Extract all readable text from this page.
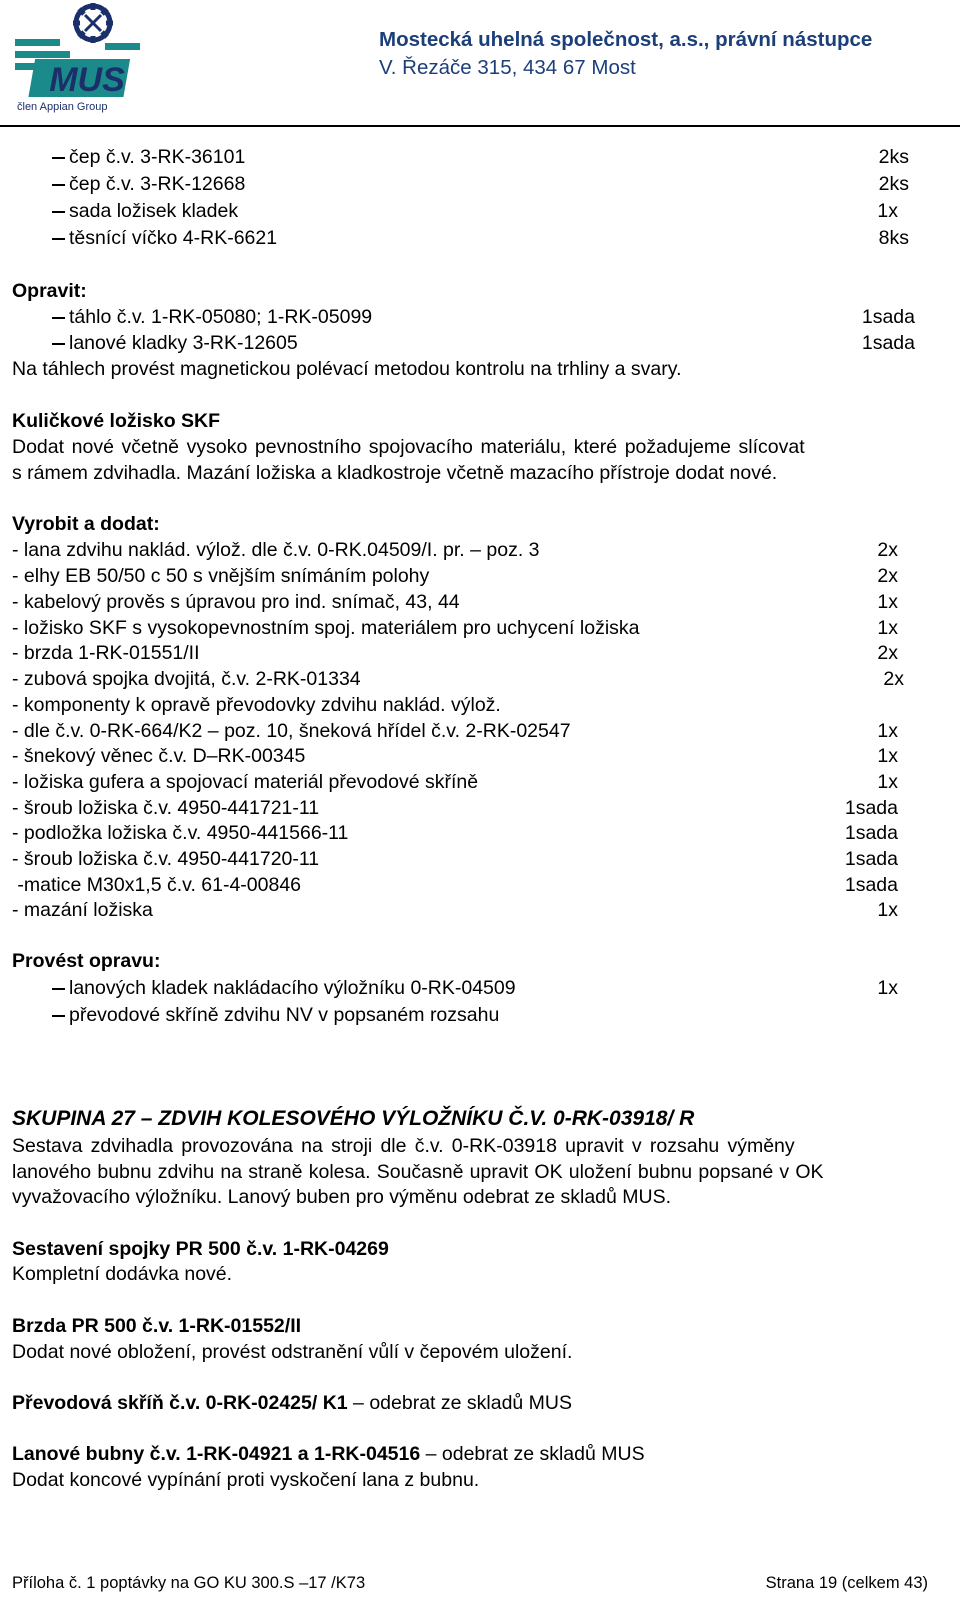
MUS
člen Appian Group
Mostecká uhelná společnost, a.s., právní nástupce
V. Řezáče 315, 434 67 Most
čep č.v. 3-RK-36101	2ks
čep č.v. 3-RK-12668	2ks
sada ložisek kladek	1x
těsnící víčko 4-RK-6621	8ks
Opravit:
táhlo č.v. 1-RK-05080; 1-RK-05099	1sada
lanové kladky 3-RK-12605	1sada
Na táhlech provést magnetickou polévací metodou kontrolu na trhliny a svary.
Kuličkové ložisko SKF
Dodat nové včetně vysoko pevnostního spojovacího materiálu, které požadujeme slícovat
s rámem zdvihadla. Mazání ložiska a kladkostroje včetně mazacího přístroje dodat nové.
Vyrobit a dodat:
- lana zdvihu naklád. výlož. dle č.v. 0-RK.04509/I. pr. – poz. 3	2x
- elhy EB 50/50 c 50 s vnějším snímáním polohy	2x
- kabelový prověs s úpravou pro ind. snímač, 43, 44	1x
- ložisko SKF s vysokopevnostním spoj. materiálem pro uchycení ložiska	1x
- brzda 1-RK-01551/II	2x
- zubová spojka dvojitá, č.v. 2-RK-01334	2x
- komponenty k opravě převodovky zdvihu naklád. výlož.
- dle č.v. 0-RK-664/K2 – poz. 10, šneková hřídel č.v. 2-RK-02547	1x
- šnekový věnec č.v. D–RK-00345	1x
- ložiska gufera a spojovací materiál převodové skříně	1x
- šroub ložiska č.v. 4950-441721-11	1sada
- podložka ložiska č.v. 4950-441566-11	1sada
- šroub ložiska č.v. 4950-441720-11	1sada
-matice M30x1,5 č.v. 61-4-00846	1sada
- mazání ložiska	1x
Provést opravu:
lanových kladek nakládacího výložníku 0-RK-04509	1x
převodové skříně zdvihu NV v popsaném rozsahu
SKUPINA 27 – ZDVIH KOLESOVÉHO VÝLOŽNÍKU Č.V. 0-RK-03918/ R
Sestava zdvihadla provozována na stroji dle č.v. 0-RK-03918 upravit v rozsahu výměny
lanového bubnu zdvihu na straně kolesa. Současně upravit OK uložení bubnu popsané v OK
vyvažovacího výložníku. Lanový buben pro výměnu odebrat ze skladů MUS.
Sestavení spojky PR 500 č.v. 1-RK-04269
Kompletní dodávka nové.
Brzda PR 500 č.v. 1-RK-01552/II
Dodat nové obložení, provést odstranění vůlí v čepovém uložení.
Převodová skříň č.v. 0-RK-02425/ K1 – odebrat ze skladů MUS
Lanové bubny č.v. 1-RK-04921 a 1-RK-04516 – odebrat ze skladů MUS
Dodat koncové vypínání proti vyskočení lana z bubnu.
Příloha č. 1 poptávky na GO KU 300.S –17 /K73	Strana 19 (celkem 43)
